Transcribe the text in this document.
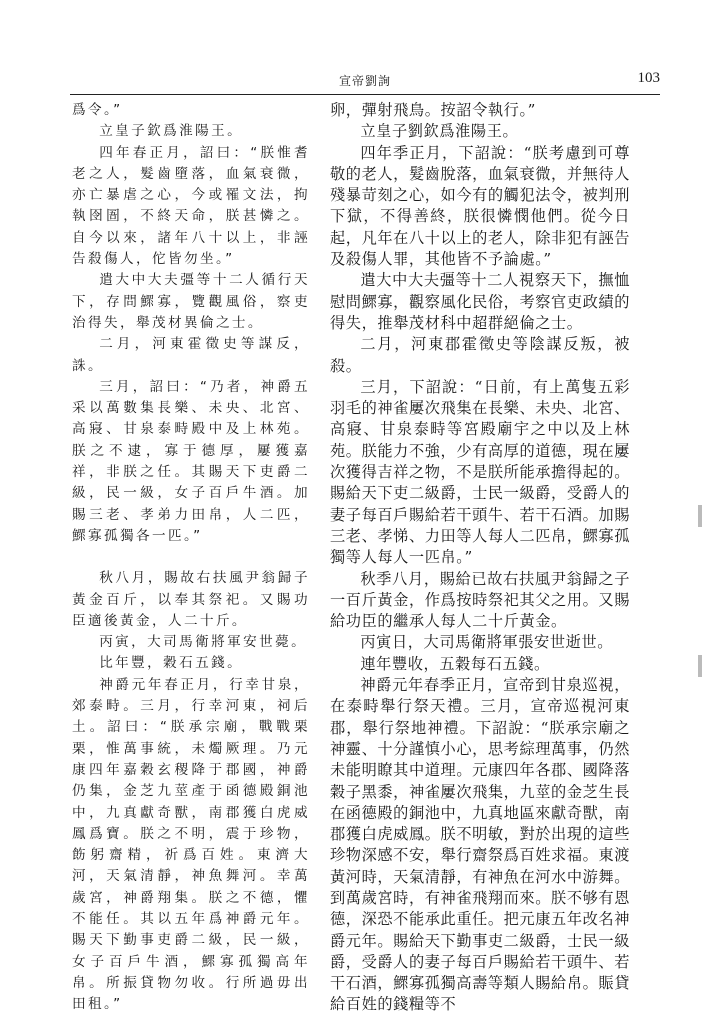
宣帝劉詢	103

爲令。”

立皇子欽爲淮陽王。

四年春正月，詔曰：“朕惟耆老之人，髮齒墮落，血氣衰微，亦亡暴虐之心，今或罹文法，拘執囹圄，不終天命，朕甚憐之。自今以來，諸年八十以上，非誣告殺傷人，佗皆勿坐。”

遣大中大夫彊等十二人循行天下，存問鰥寡，覽觀風俗，察吏治得失，舉茂材異倫之士。

二月，河東霍徵史等謀反，誅。

三月，詔曰：“乃者，神爵五采以萬數集長樂、未央、北宮、高寢、甘泉泰畤殿中及上林苑。朕之不逮，寡于德厚，屢獲嘉祥，非朕之任。其賜天下吏爵二級，民一級，女子百戶牛酒。加賜三老、孝弟力田帛，人二匹，鰥寡孤獨各一匹。”

秋八月，賜故右扶風尹翁歸子黃金百斤，以奉其祭祀。又賜功臣適後黃金，人二十斤。

丙寅，大司馬衛將軍安世薨。

比年豐，穀石五錢。

神爵元年春正月，行幸甘泉，郊泰畤。三月，行幸河東，祠后土。詔曰：“朕承宗廟，戰戰栗栗，惟萬事統，未燭厥理。乃元康四年嘉穀玄稷降于郡國，神爵仍集，金芝九莖產于函德殿銅池中，九真獻奇獸，南郡獲白虎威鳳爲寶。朕之不明，震于珍物，飭躬齋精，祈爲百姓。東濟大河，天氣清靜，神魚舞河。幸萬歲宮，神爵翔集。朕之不德，懼不能任。其以五年爲神爵元年。賜天下勤事吏爵二級，民一級，女子百戶牛酒，鰥寡孤獨高年帛。所振貸物勿收。行所過毋出田租。”

卵，彈射飛鳥。按詔令執行。”

立皇子劉欽爲淮陽王。

四年季正月，下詔說：“朕考慮到可尊敬的老人，髮齒脫落，血氣衰微，并無待人殘暴苛刻之心，如今有的觸犯法令，被判刑下獄，不得善終，朕很憐憫他們。從今日起，凡年在八十以上的老人，除非犯有誣告及殺傷人罪，其他皆不予論處。”

遣大中大夫彊等十二人視察天下，撫恤慰問鰥寡，觀察風化民俗，考察官吏政績的得失，推舉茂材科中超群絕倫之士。

二月，河東郡霍徵史等陰謀反叛，被殺。

三月，下詔說：“日前，有上萬隻五彩羽毛的神雀屢次飛集在長樂、未央、北宮、高寢、甘泉泰畤等宮殿廟宇之中以及上林苑。朕能力不強，少有高厚的道德，現在屢次獲得吉祥之物，不是朕所能承擔得起的。賜給天下吏二級爵，士民一級爵，受爵人的妻子每百戶賜給若干頭牛、若干石酒。加賜三老、孝悌、力田等人每人二匹帛，鰥寡孤獨等人每人一匹帛。”

秋季八月，賜給已故右扶風尹翁歸之子一百斤黃金，作爲按時祭祀其父之用。又賜給功臣的繼承人每人二十斤黃金。

丙寅日，大司馬衛將軍張安世逝世。

連年豐收，五穀每石五錢。

神爵元年春季正月，宣帝到甘泉巡視，在泰畤舉行祭天禮。三月，宣帝巡視河東郡，舉行祭地神禮。下詔說：“朕承宗廟之神靈、十分謹慎小心，思考綜理萬事，仍然未能明瞭其中道理。元康四年各郡、國降落穀子黑黍，神雀屢次飛集，九莖的金芝生長在函德殿的銅池中，九真地區來獻奇獸，南郡獲白虎威鳳。朕不明敏，對於出現的這些珍物深感不安，舉行齋祭爲百姓求福。東渡黃河時，天氣清靜，有神魚在河水中游舞。到萬歲宮時，有神雀飛翔而來。朕不够有恩德，深恐不能承此重任。把元康五年改名神爵元年。賜給天下勤事吏二級爵，士民一級爵，受爵人的妻子每百戶賜給若干頭牛、若干石酒，鰥寡孤獨高壽等類人賜給帛。賑貸給百姓的錢糧等不
